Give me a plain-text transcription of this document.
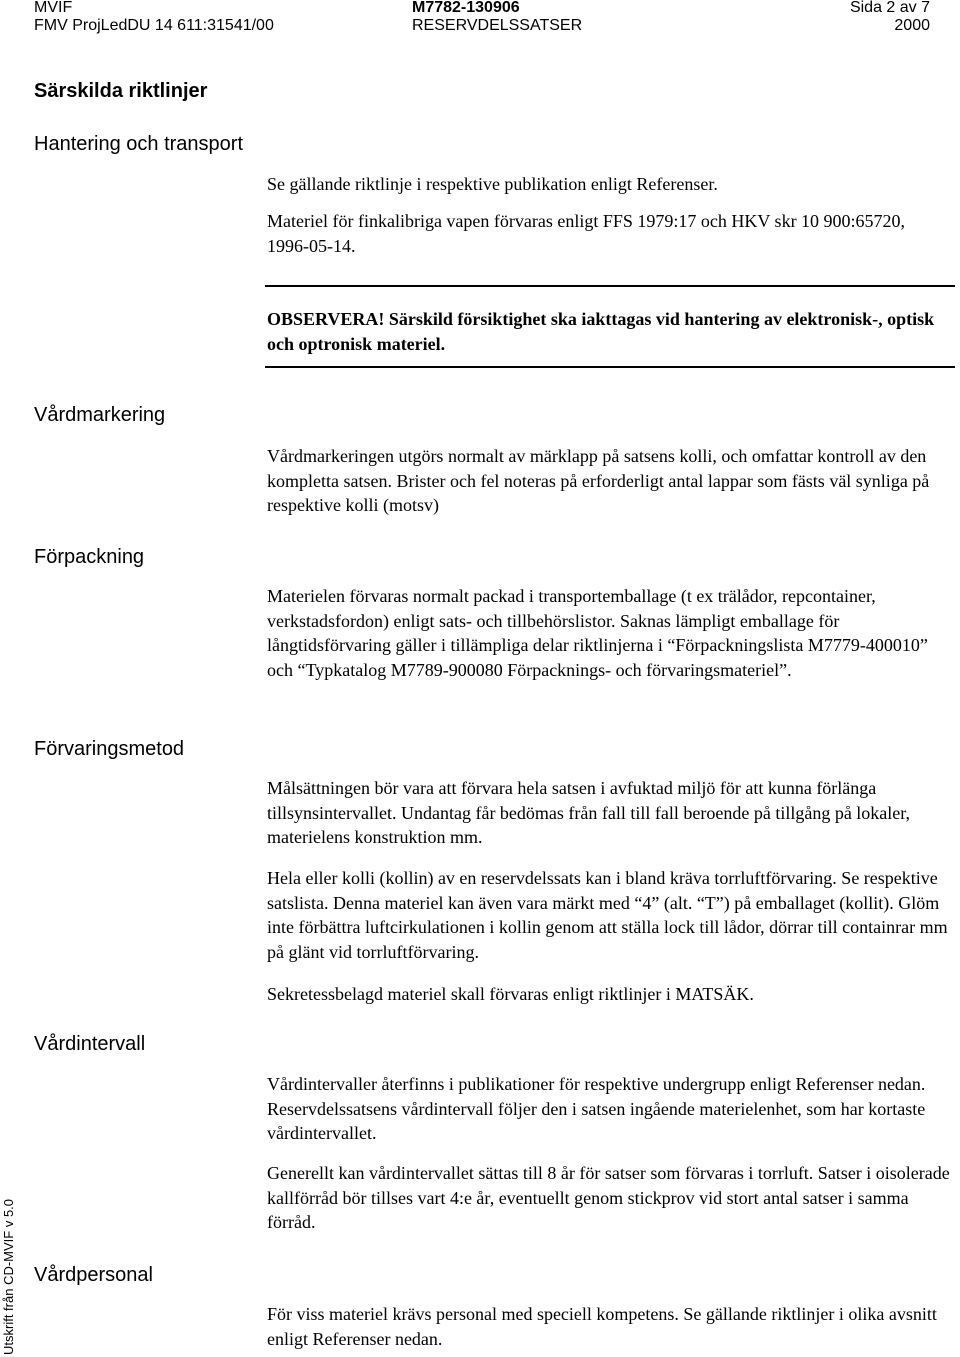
MVIF
FMV ProjLedDU 14 611:31541/00
M7782-130906
RESERVDELSSATSER
Sida 2 av 7
2000
Särskilda riktlinjer
Hantering och transport
Se gällande riktlinje i respektive publikation enligt Referenser.
Materiel för finkalibriga vapen förvaras enligt FFS 1979:17 och HKV skr 10 900:65720, 1996-05-14.
OBSERVERA! Särskild försiktighet ska iakttagas vid hantering av elektronisk-, optisk och optronisk materiel.
Vårdmarkering
Vårdmarkeringen utgörs normalt av märklapp på satsens kolli, och omfattar kontroll av den kompletta satsen. Brister och fel noteras på erforderligt antal lappar som fästs väl synliga på respektive kolli (motsv)
Förpackning
Materielen förvaras normalt packad i transportemballage (t ex trälådor, repcontainer, verkstadsfordon) enligt sats- och tillbehörslistor. Saknas lämpligt emballage för långtidsförvaring gäller i tillämpliga delar riktlinjerna i “Förpackningslista M7779-400010” och “Typkatalog M7789-900080 Förpacknings- och förvaringsmateriel”.
Förvaringsmetod
Målsättningen bör vara att förvara hela satsen i avfuktad miljö för att kunna förlänga tillsynsintervallet. Undantag får bedömas från fall till fall beroende på tillgång på lokaler, materielens konstruktion mm.
Hela eller kolli (kollin) av en reservdelssats kan i bland kräva torrluftförvaring. Se respektive satslista. Denna materiel kan även vara märkt med “4” (alt. “T”) på emballaget (kollit). Glöm inte förbättra luftcirkulationen i kollin genom att ställa lock till lådor, dörrar till containrar mm på glänt vid torrluftförvaring.
Sekretessbelagd materiel skall förvaras enligt riktlinjer i MATSÄK.
Vårdintervall
Vårdintervaller återfinns i publikationer för respektive undergrupp enligt Referenser nedan. Reservdelssatsens vårdintervall följer den i satsen ingående materielenhet, som har kortaste vårdintervallet.
Generellt kan vårdintervallet sättas till 8 år för satser som förvaras i torrluft. Satser i oisolerade kallförråd bör tillses vart 4:e år, eventuellt genom stickprov vid stort antal satser i samma förråd.
Vårdpersonal
För viss materiel krävs personal med speciell kompetens. Se gällande riktlinjer i olika avsnitt enligt Referenser nedan.
Utskrift från CD-MVIF v 5.0
